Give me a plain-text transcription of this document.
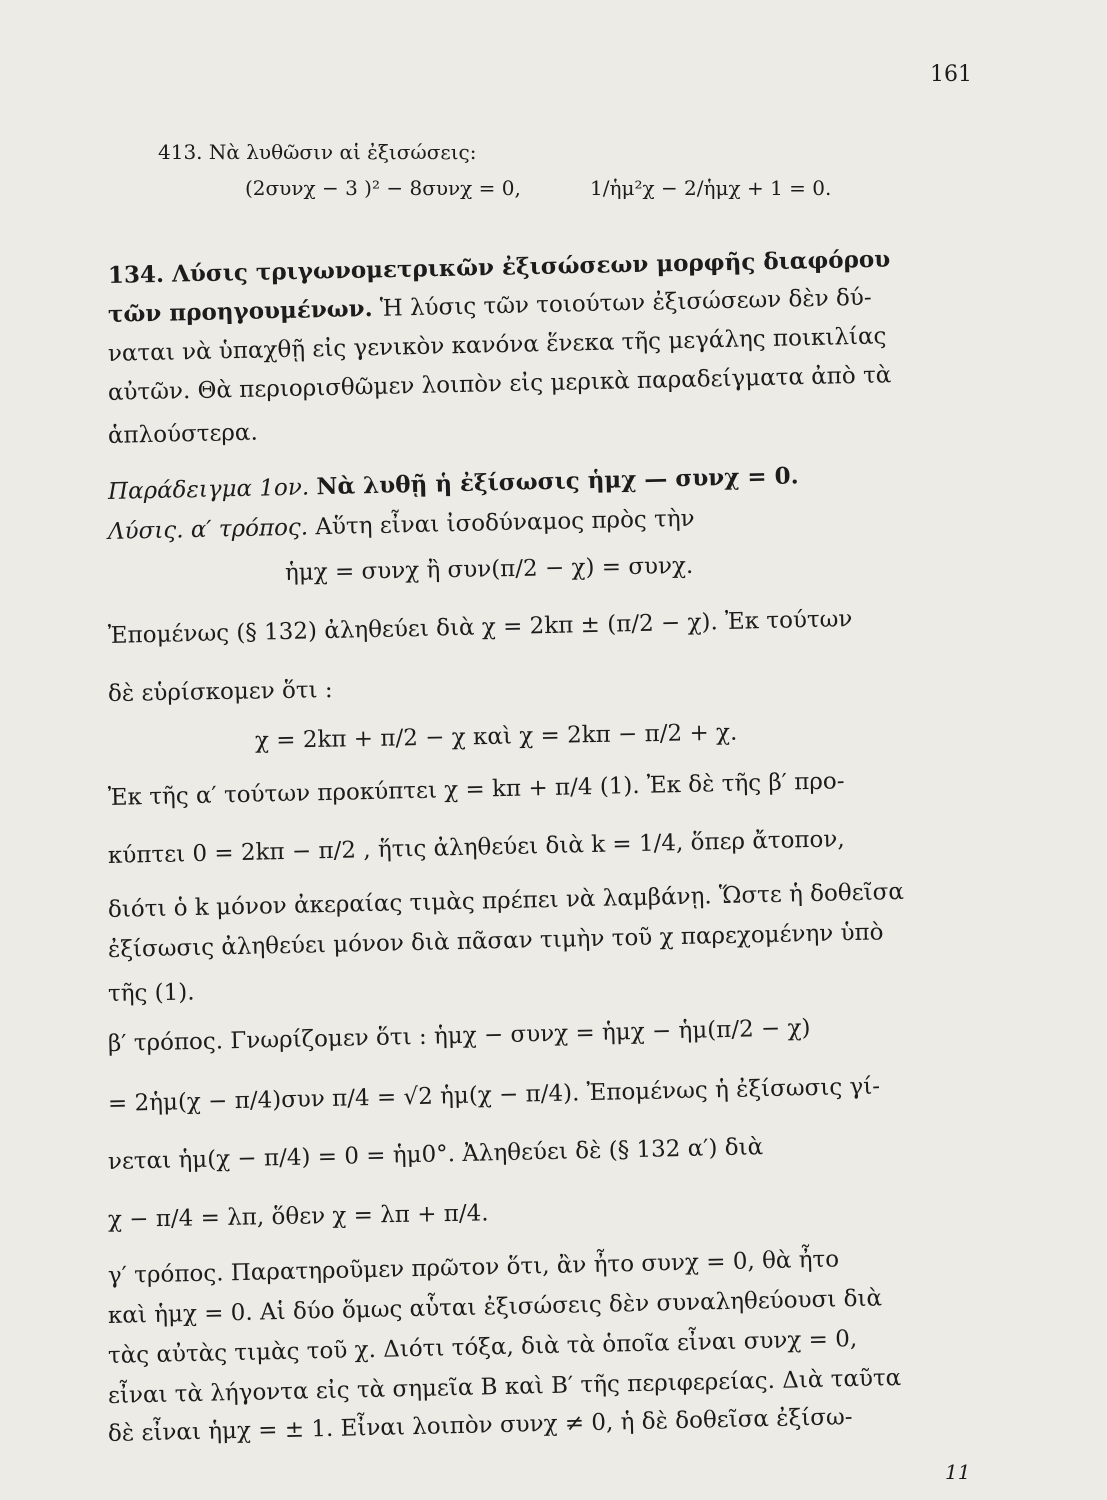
161
413. Νὰ λυθῶσιν αἱ ἐξισώσεις:
(2συνχ − 3 )² − 8συνχ = 0,	1/ἡμ²χ − 2/ἡμχ + 1 = 0.
134. Λύσις τριγωνομετρικῶν ἐξισώσεων μορφῆς διαφόρου
τῶν προηγουμένων. Ἡ λύσις τῶν τοιούτων ἐξισώσεων δὲν δύ-
ναται νὰ ὑπαχθῇ εἰς γενικὸν κανόνα ἕνεκα τῆς μεγάλης ποικιλίας
αὐτῶν. Θὰ περιορισθῶμεν λοιπὸν εἰς μερικὰ παραδείγματα ἀπὸ τὰ
ἁπλούστερα.
Παράδειγμα 1ον. Νὰ λυθῇ ἡ ἐξίσωσις ἡμχ — συνχ = 0.
Λύσις. α′ τρόπος. Αὕτη εἶναι ἰσοδύναμος πρὸς τὴν
ἡμχ = συνχ ἢ συν(π/2 − χ) = συνχ.
Ἐπομένως (§ 132) ἀληθεύει διὰ χ = 2kπ ± (π/2 − χ). Ἐκ τούτων
δὲ εὑρίσκομεν ὅτι :
χ = 2kπ + π/2 − χ καὶ χ = 2kπ − π/2 + χ.
Ἐκ τῆς α′ τούτων προκύπτει χ = kπ + π/4 (1). Ἐκ δὲ τῆς β′ προ-
κύπτει 0 = 2kπ − π/2 , ἥτις ἀληθεύει διὰ k = 1/4, ὅπερ ἄτοπον,
διότι ὁ k μόνον ἀκεραίας τιμὰς πρέπει νὰ λαμβάνῃ. Ὥστε ἡ δοθεῖσα
ἐξίσωσις ἀληθεύει μόνον διὰ πᾶσαν τιμὴν τοῦ χ παρεχομένην ὑπὸ
τῆς (1).
β′ τρόπος. Γνωρίζομεν ὅτι : ἡμχ − συνχ = ἡμχ − ἡμ(π/2 − χ)
= 2ἡμ(χ − π/4)συν π/4 = √2 ἡμ(χ − π/4). Ἐπομένως ἡ ἐξίσωσις γί-
νεται ἡμ(χ − π/4) = 0 = ἡμ0°. Ἀληθεύει δὲ (§ 132 α′) διὰ
χ − π/4 = λπ, ὅθεν χ = λπ + π/4.
γ′ τρόπος. Παρατηροῦμεν πρῶτον ὅτι, ἂν ἦτο συνχ = 0, θὰ ἦτο
καὶ ἡμχ = 0. Αἱ δύο ὅμως αὗται ἐξισώσεις δὲν συναληθεύουσι διὰ
τὰς αὐτὰς τιμὰς τοῦ χ. Διότι τόξα, διὰ τὰ ὁποῖα εἶναι συνχ = 0,
εἶναι τὰ λήγοντα εἰς τὰ σημεῖα Β καὶ Β′ τῆς περιφερείας. Διὰ ταῦτα
δὲ εἶναι ἡμχ = ± 1. Εἶναι λοιπὸν συνχ ≠ 0, ἡ δὲ δοθεῖσα ἐξίσω-
11
